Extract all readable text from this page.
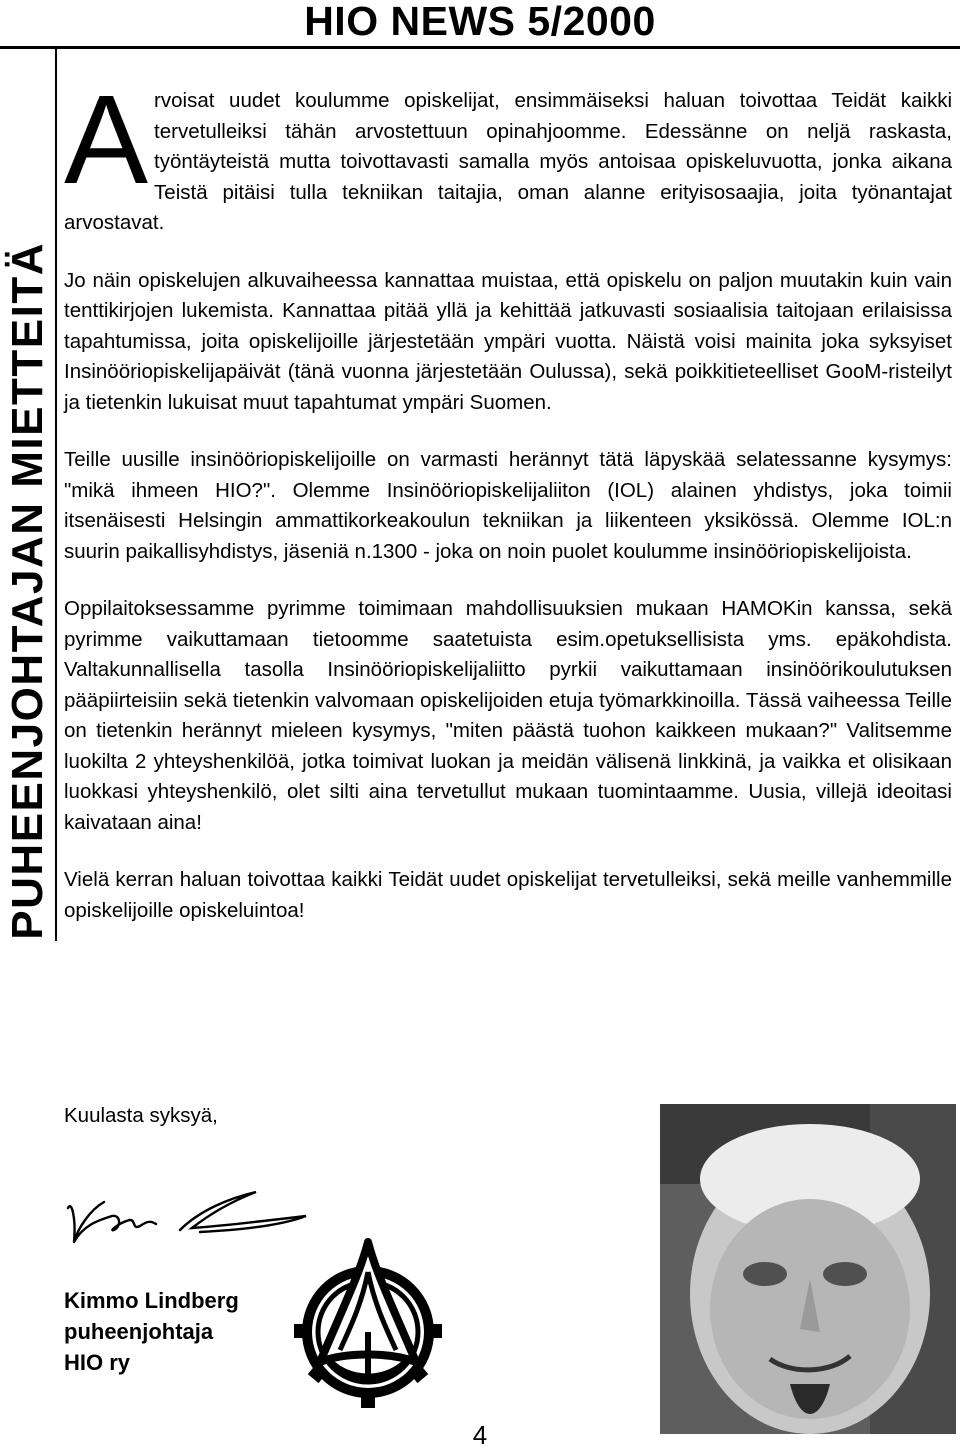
HIO NEWS 5/2000
PUHEENJOHTAJAN MIETTEITÄ

Arvoisat uudet koulumme opiskelijat, ensimmäiseksi haluan toivottaa Teidät kaikki tervetulleiksi tähän arvostettuun opinahjoomme. Edessänne on neljä raskasta, työntäyteistä mutta toivottavasti samalla myös antoisaa opiskeluvuotta, jonka aikana Teistä pitäisi tulla tekniikan taitajia, oman alanne erityisosaajia, joita työnantajat arvostavat.

Jo näin opiskelujen alkuvaiheessa kannattaa muistaa, että opiskelu on paljon muutakin kuin vain tenttikirjojen lukemista. Kannattaa pitää yllä ja kehittää jatkuvasti sosiaalisia taitojaan erilaisissa tapahtumissa, joita opiskelijoille järjestetään ympäri vuotta. Näistä voisi mainita joka syksyiset Insinööriopiskelijapäivät (tänä vuonna järjestetään Oulussa), sekä poikkitieteelliset GooM-risteilyt ja tietenkin lukuisat muut tapahtumat ympäri Suomen.

Teille uusille insinööriopiskelijoille on varmasti herännyt tätä läpyskää selatessanne kysymys: "mikä ihmeen HIO?". Olemme Insinööriopiskelijaliiton (IOL) alainen yhdistys, joka toimii itsenäisesti Helsingin ammattikorkeakoulun tekniikan ja liikenteen yksikössä. Olemme IOL:n suurin paikallisyhdistys, jäseniä n.1300 - joka on noin puolet koulumme insinööriopiskelijoista.

Oppilaitoksessamme pyrimme toimimaan mahdollisuuksien mukaan HAMOKin kanssa, sekä pyrimme vaikuttamaan tietoomme saatetuista esim.opetuksellisista yms. epäkohdista. Valtakunnallisella tasolla Insinööriopiskelijaliitto pyrkii vaikuttamaan insinöörikoulutuksen pääpiirteisiin sekä tietenkin valvomaan opiskelijoiden etuja työmarkkinoilla. Tässä vaiheessa Teille on tietenkin herännyt mieleen kysymys, "miten päästä tuohon kaikkeen mukaan?" Valitsemme luokilta 2 yhteyshenkilöä, jotka toimivat luokan ja meidän välisenä linkkinä, ja vaikka et olisikaan luokkasi yhteyshenkilö, olet silti aina tervetullut mukaan tuomintaamme. Uusia, villejä ideoitasi kaivataan aina!

Vielä kerran haluan toivottaa kaikki Teidät uudet opiskelijat tervetulleiksi, sekä meille vanhemmille opiskelijoille opiskeluintoa!

Kuulasta syksyä,
Kimmo Lindberg
puheenjohtaja
HIO ry
4
